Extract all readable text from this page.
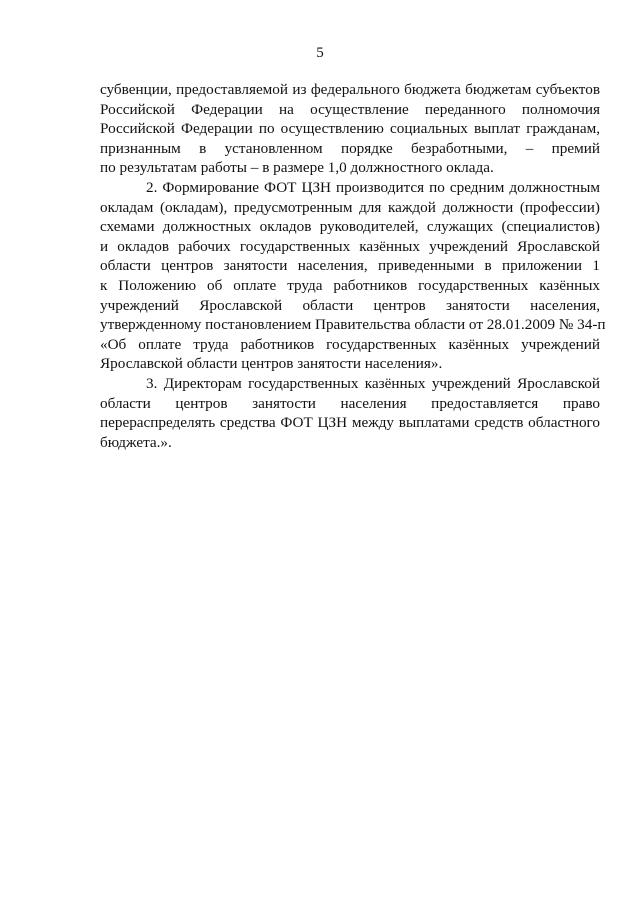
5
субвенции, предоставляемой из федерального бюджета бюджетам субъектов
Российской Федерации на осуществление переданного полномочия
Российской Федерации по осуществлению социальных выплат гражданам,
признанным в установленном порядке безработными, – премий
по результатам работы – в размере 1,0 должностного оклада.
2. Формирование ФОТ ЦЗН производится по средним должностным
окладам (окладам), предусмотренным для каждой должности (профессии)
схемами должностных окладов руководителей, служащих (специалистов)
и окладов рабочих государственных казённых учреждений Ярославской
области центров занятости населения, приведенными в приложении 1
к Положению об оплате труда работников государственных казённых
учреждений Ярославской области центров занятости населения,
утвержденному постановлением Правительства области от 28.01.2009 № 34-п
«Об оплате труда работников государственных казённых учреждений
Ярославской области центров занятости населения».
3. Директорам государственных казённых учреждений Ярославской
области центров занятости населения предоставляется право
перераспределять средства ФОТ ЦЗН между выплатами средств областного
бюджета.».
